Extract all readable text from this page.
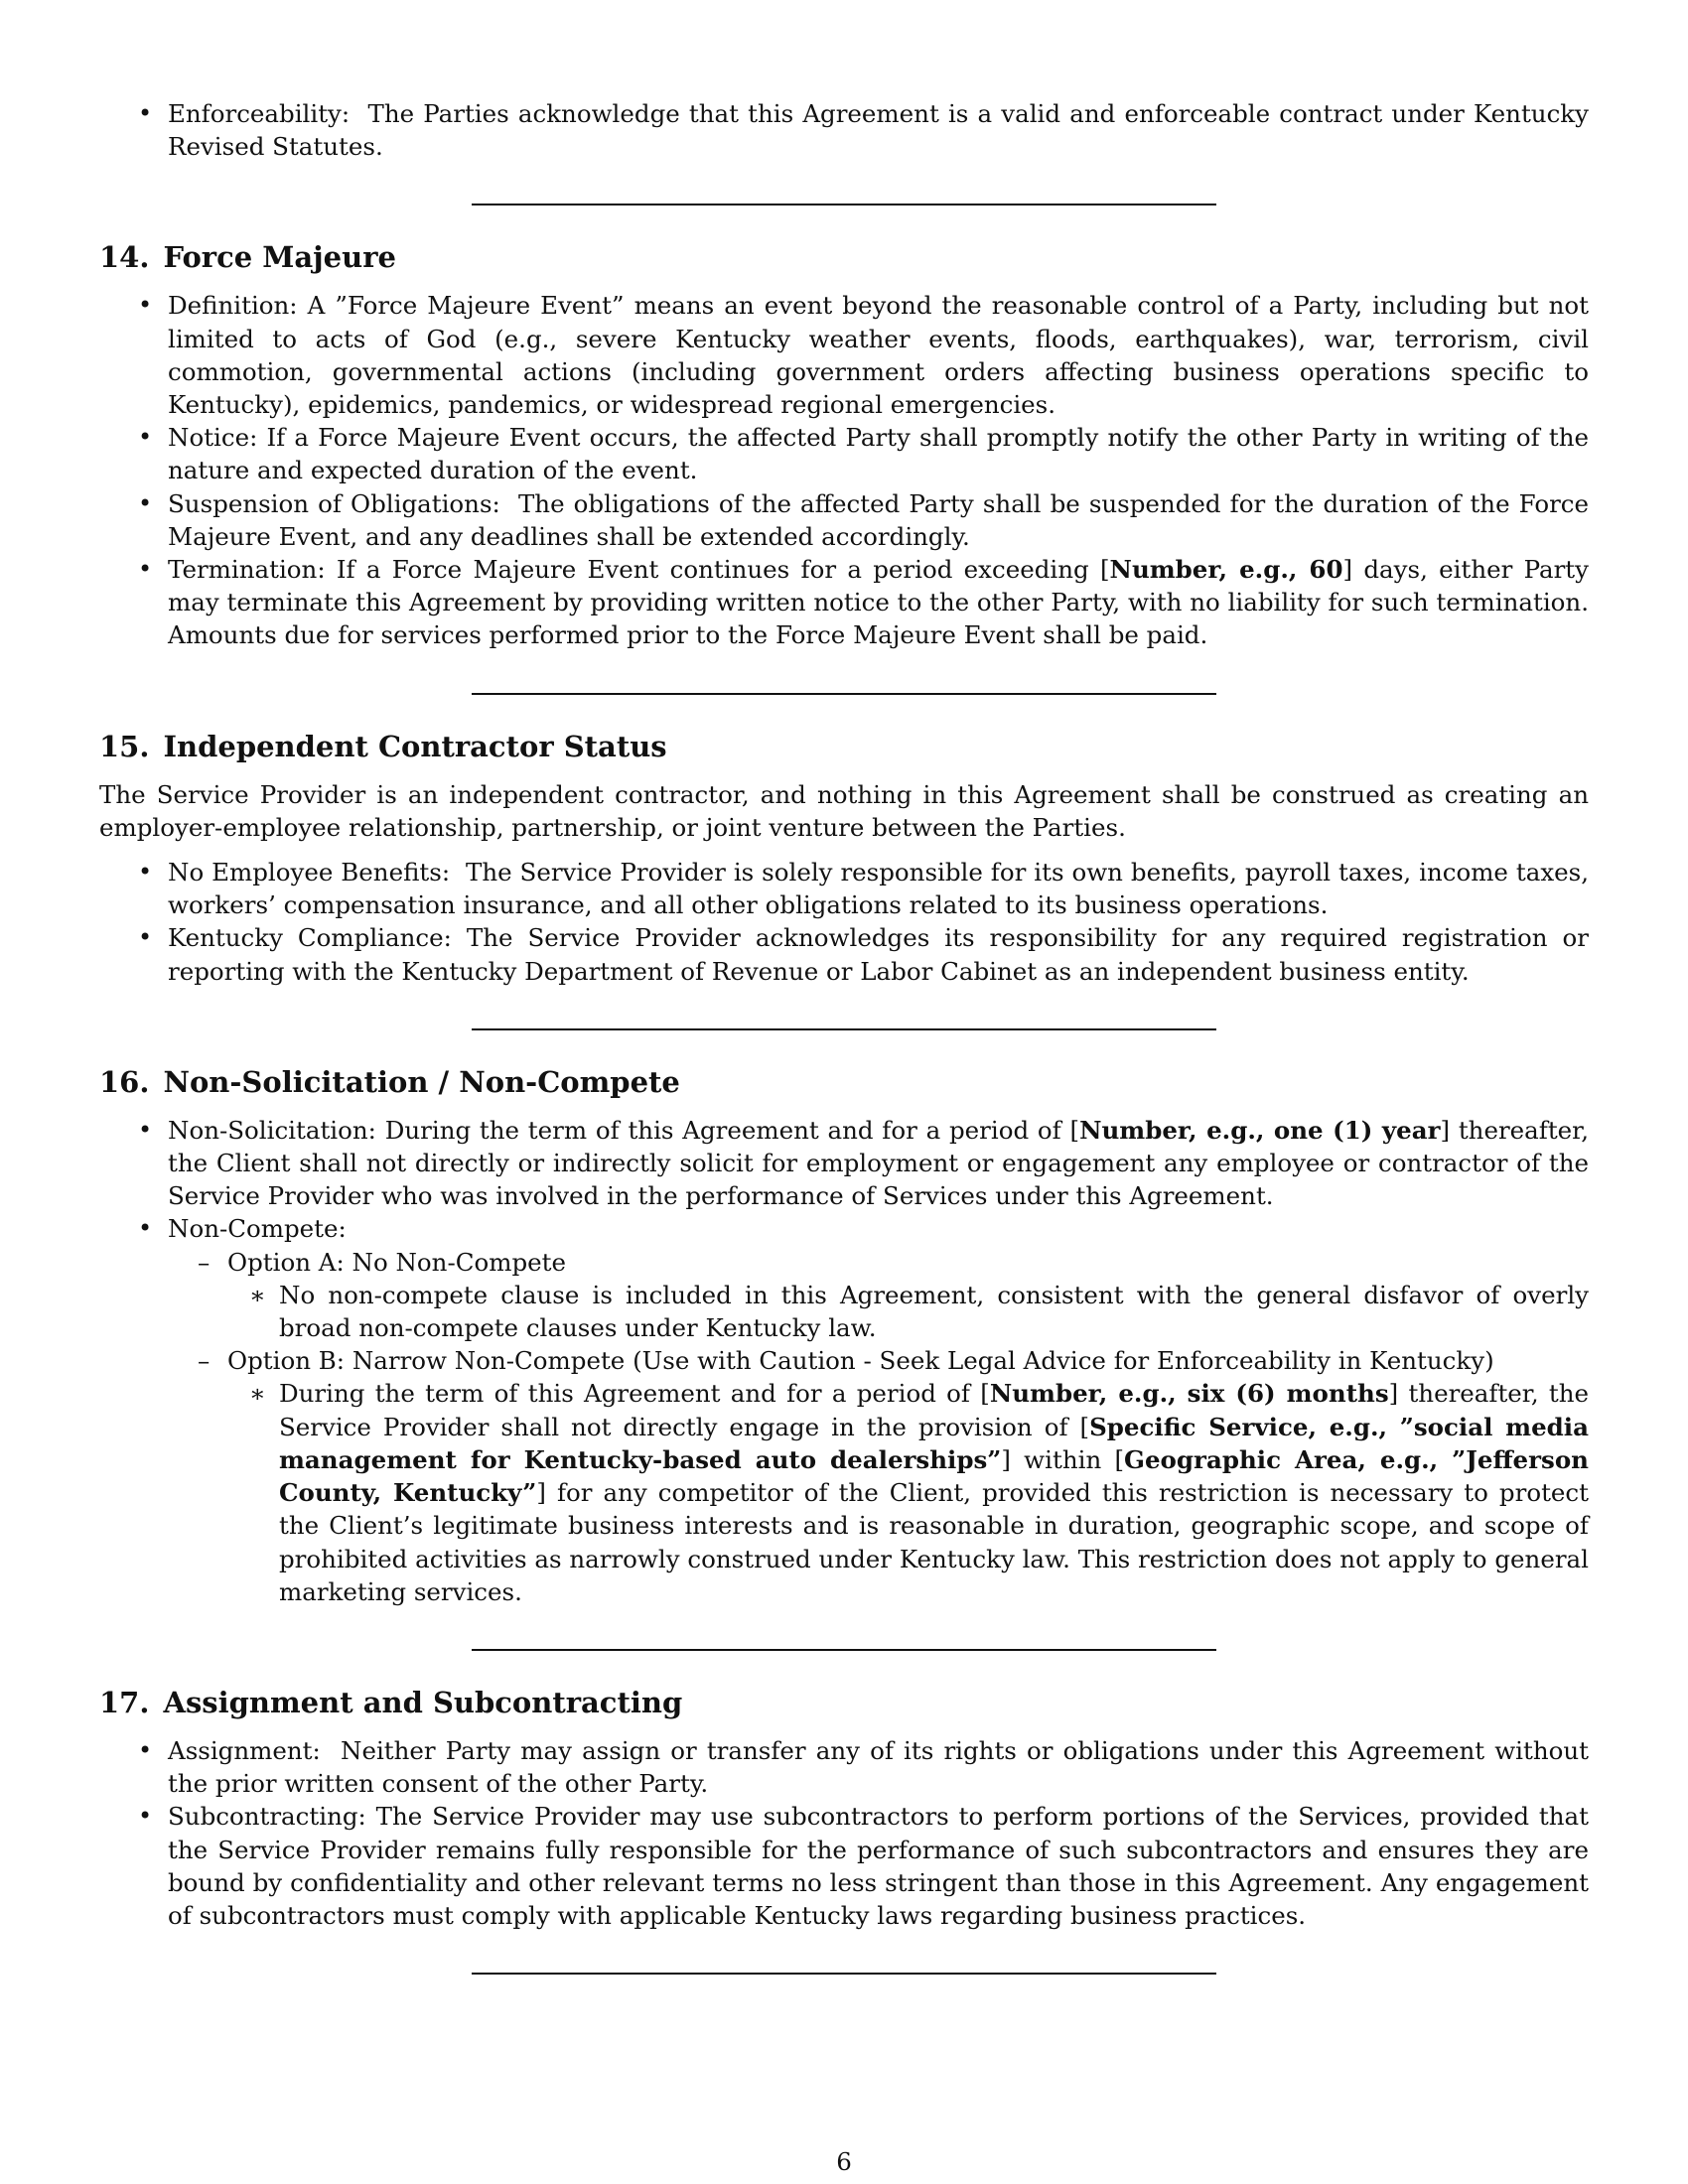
• Enforceability: The Parties acknowledge that this Agreement is a valid and enforceable contract under Kentucky Revised Statutes.
14. Force Majeure
• Definition: A ”Force Majeure Event” means an event beyond the reasonable control of a Party, including but not limited to acts of God (e.g., severe Kentucky weather events, floods, earthquakes), war, terrorism, civil commotion, governmental actions (including government orders affecting business operations specific to Kentucky), epidemics, pandemics, or widespread regional emergencies.
• Notice: If a Force Majeure Event occurs, the affected Party shall promptly notify the other Party in writing of the nature and expected duration of the event.
• Suspension of Obligations: The obligations of the affected Party shall be suspended for the duration of the Force Majeure Event, and any deadlines shall be extended accordingly.
• Termination: If a Force Majeure Event continues for a period exceeding [Number, e.g., 60] days, either Party may terminate this Agreement by providing written notice to the other Party, with no liability for such termination. Amounts due for services performed prior to the Force Majeure Event shall be paid.
15. Independent Contractor Status

The Service Provider is an independent contractor, and nothing in this Agreement shall be construed as creating an employer-employee relationship, partnership, or joint venture between the Parties.

• No Employee Benefits: The Service Provider is solely responsible for its own benefits, payroll taxes, income taxes, workers’ compensation insurance, and all other obligations related to its business operations.
• Kentucky Compliance: The Service Provider acknowledges its responsibility for any required registration or reporting with the Kentucky Department of Revenue or Labor Cabinet as an independent business entity.
16. Non-Solicitation / Non-Compete
• Non-Solicitation: During the term of this Agreement and for a period of [Number, e.g., one (1) year] thereafter, the Client shall not directly or indirectly solicit for employment or engagement any employee or contractor of the Service Provider who was involved in the performance of Services under this Agreement.
• Non-Compete:
– Option A: No Non-Compete
∗ No non-compete clause is included in this Agreement, consistent with the general disfavor of overly broad non-compete clauses under Kentucky law.
– Option B: Narrow Non-Compete (Use with Caution - Seek Legal Advice for Enforceability in Kentucky)
∗ During the term of this Agreement and for a period of [Number, e.g., six (6) months] thereafter, the Service Provider shall not directly engage in the provision of [Specific Service, e.g., ”social media management for Kentucky-based auto dealerships”] within [Geographic Area, e.g., ”Jefferson County, Kentucky”] for any competitor of the Client, provided this restriction is necessary to protect the Client’s legitimate business interests and is reasonable in duration, geographic scope, and scope of prohibited activities as narrowly construed under Kentucky law. This restriction does not apply to general marketing services.
17. Assignment and Subcontracting
• Assignment: Neither Party may assign or transfer any of its rights or obligations under this Agreement without the prior written consent of the other Party.
• Subcontracting: The Service Provider may use subcontractors to perform portions of the Services, provided that the Service Provider remains fully responsible for the performance of such subcontractors and ensures they are bound by confidentiality and other relevant terms no less stringent than those in this Agreement. Any engagement of subcontractors must comply with applicable Kentucky laws regarding business practices.
6
